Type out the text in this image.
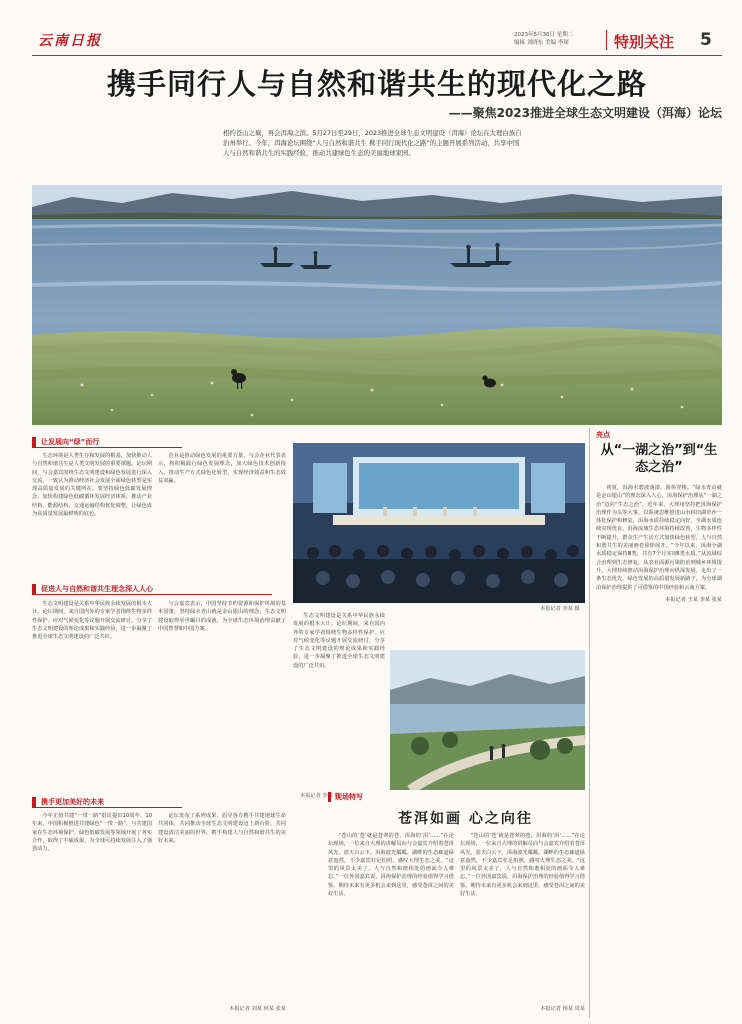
云南日报	2023年5月30日 星期二
编辑 刘晓东 美编 李琛	特别关注 5
携手同行人与自然和谐共生的现代化之路
——聚焦2023推进全球生态文明建设（洱海）论坛
相约苍山之巅，再会洱海之滨。5月27日至29日，2023推进全球生态文明建设（洱海）论坛在大理白族自治州举行。今年，洱海论坛围绕“人与自然和谐共生 携手同行现代化之路”的主题开展系列活动，共享中国人与自然和谐共生的实践经验，推动共建绿色生态的美丽地球家园。
亮点
从“一湖之治”到“生态之治”

初夏，洱海水碧波荡漾，游鱼穿梭。“绿水青山就是金山银山”的理念深入人心，洱海保护治理从“一湖之治”迈向“生态之治”。近年来，大理州坚持把洱海保护治理作为头等大事，以系统思维推进山水林田湖草沙一体化保护和修复，洱海水质持续稳定向好，全湖水质连续实现优良。洱海流域生态环境持续改善，生物多样性不断提升，群众生产生活方式加快绿色转型，人与自然和谐共生的美丽画卷徐徐展开。“今年以来，洱海全湖水质稳定保持Ⅲ类，共有7个月实现Ⅱ类水质。”从流域综合治理到生态修复，从农业面源污染防治到城乡环境提升，大理持续推动洱海保护治理向纵深发展，走出了一条生态优先、绿色发展的高质量发展新路子，为全球湖泊保护治理提供了可借鉴的中国经验和云南方案。

本报记者 王某 李某 张某

让发展向“绿”而行
生态环境是人类生存和发展的根基，加快推动人与自然和谐共生是人类文明发展的重要课题。论坛期间，与会嘉宾围绕生态文明建设和绿色发展进行深入交流，一致认为推动经济社会发展全面绿色转型是实现高质量发展的关键所在。要坚持绿色低碳发展理念，加快构建绿色低碳循环发展经济体系，推动产业结构、能源结构、交通运输结构优化调整，让绿色成为高质量发展最鲜明的底色。
企业是推动绿色发展的重要力量。与会企业代表表示，将积极践行绿色发展理念，加大绿色技术创新投入，推动生产方式绿色化转型，实现经济效益和生态效益双赢。
本报记者 李某 摄
促进人与自然和谐共生理念深入人心
生态文明建设是关系中华民族永续发展的根本大计。论坛期间，来自国内外的专家学者围绕生物多样性保护、应对气候变化等议题开展交流研讨，分享了生态文明建设的理论成果和实践经验，进一步凝聚了推进全球生态文明建设的广泛共识。
与会嘉宾表示，中国坚持节约资源和保护环境的基本国策，坚持绿水青山就是金山银山的理念，生态文明建设取得举世瞩目的成就，为全球生态环境治理贡献了中国智慧和中国方案。
生态文明建设是关系中华民族永续发展的根本大计。论坛期间，来自国内外的专家学者围绕生物多样性保护、应对气候变化等议题开展交流研讨，分享了生态文明建设的理论成果和实践经验，进一步凝聚了推进全球生态文明建设的广泛共识。
本报记者 李某 摄
携手更加美好的未来
今年正值共建“一带一路”倡议提出10周年。10年来，中国积极推进共建绿色“一带一路”，与共建国家在生态环境保护、绿色低碳发展等领域开展了务实合作，取得了丰硕成果，为全球可持续发展注入了强劲动力。
论坛发布了系列成果，倡导各方携手共建地球生命共同体，共同推动全球生态文明建设迈上新台阶，共同建设清洁美丽的世界，携手构建人与自然和谐共生的美好未来。
本报记者 刘某 何某 张某
现场特写
苍洱如画 心之向往
“苍山的‘苍’就是苍翠的苍，洱海的‘洱’……”在论坛现场，一位来自大理的讲解员向与会嘉宾介绍着苍洱风光。蓝天白云下，洱海波光粼粼，湖畔的生态廊道绿意盎然，不少嘉宾驻足拍照，感叹大理生态之美。“这里的风景太美了，人与自然和谐相处的画面令人难忘。”一位外国嘉宾说，洱海保护治理的经验值得学习借鉴，期待未来有更多机会来到这里，感受苍洱之间的美好生活。
“苍山的‘苍’就是苍翠的苍，洱海的‘洱’……”在论坛现场，一位来自大理的讲解员向与会嘉宾介绍着苍洱风光。蓝天白云下，洱海波光粼粼，湖畔的生态廊道绿意盎然，不少嘉宾驻足拍照，感叹大理生态之美。“这里的风景太美了，人与自然和谐相处的画面令人难忘。”一位外国嘉宾说，洱海保护治理的经验值得学习借鉴，期待未来有更多机会来到这里，感受苍洱之间的美好生活。
本报记者 杨某 周某
